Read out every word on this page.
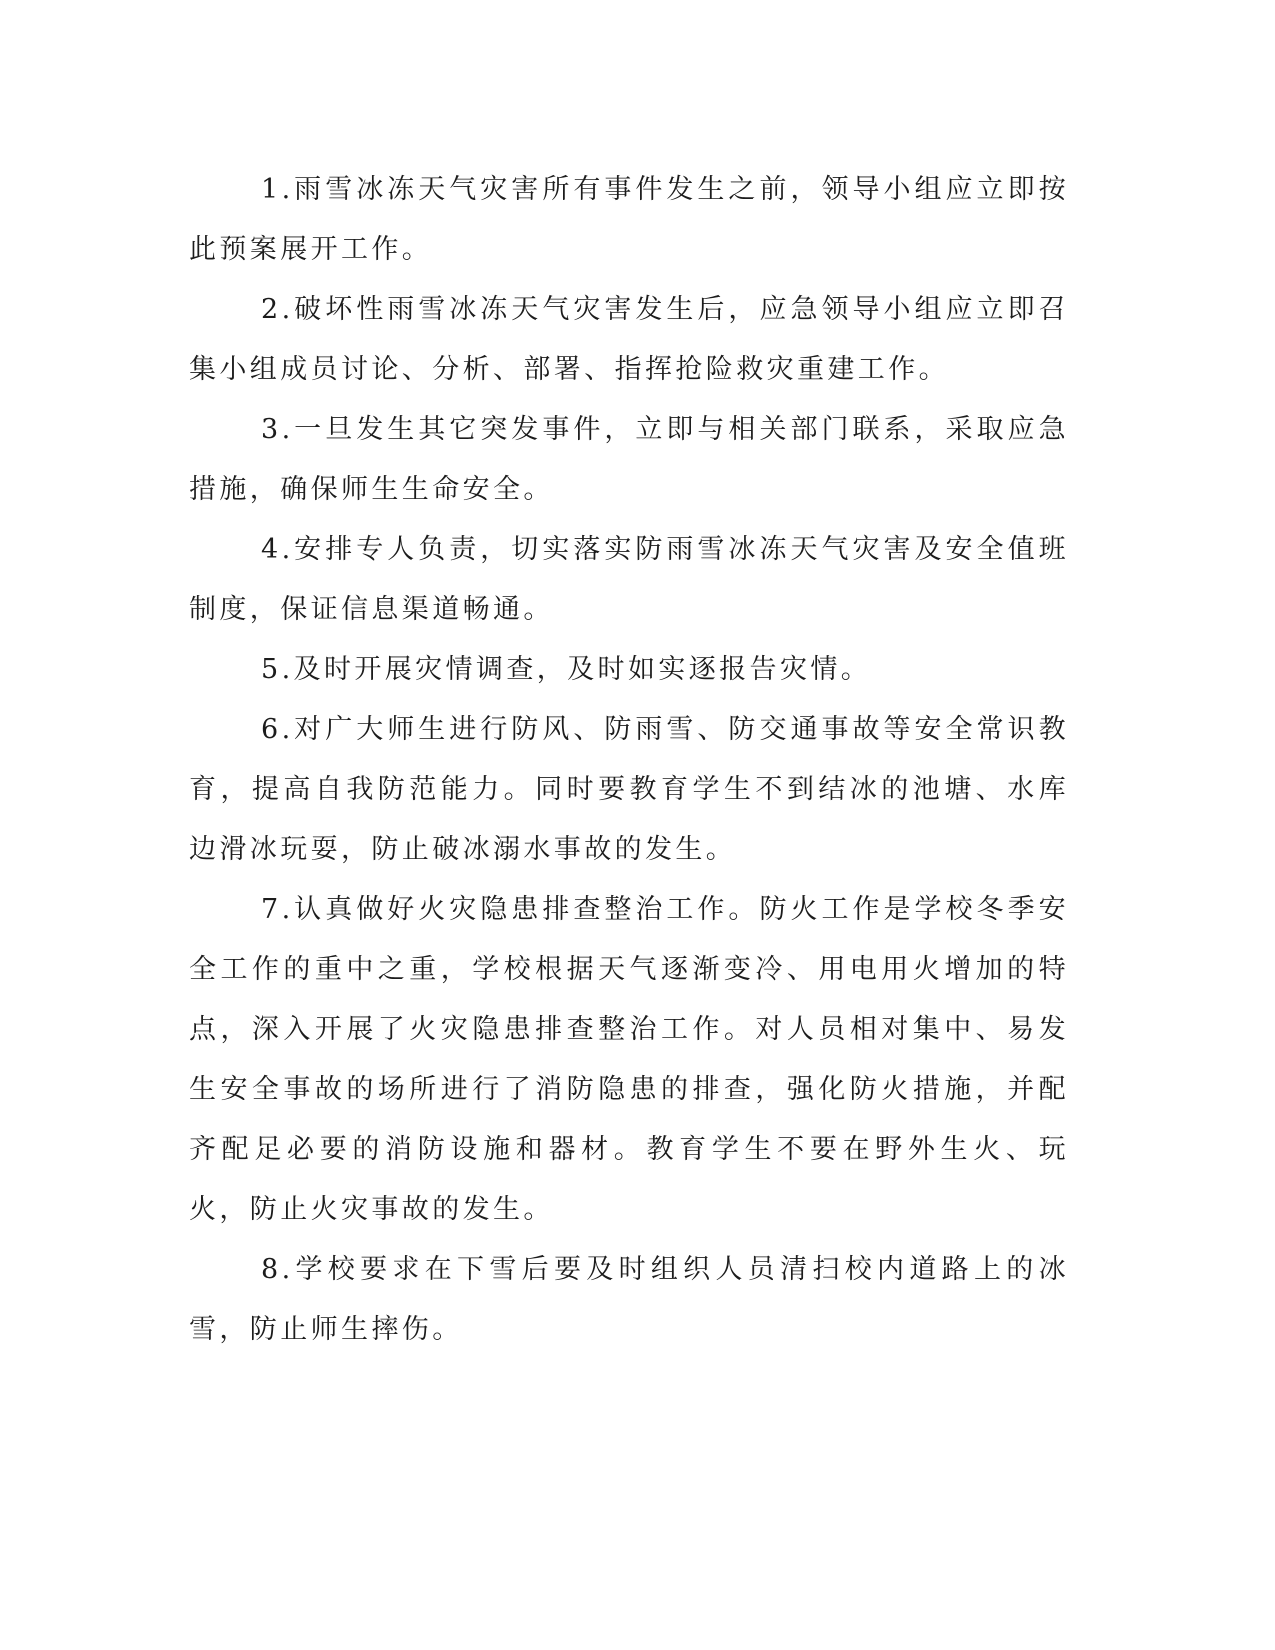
1.雨雪冰冻天气灾害所有事件发生之前，领导小组应立即按此预案展开工作。

2.破坏性雨雪冰冻天气灾害发生后，应急领导小组应立即召集小组成员讨论、分析、部署、指挥抢险救灾重建工作。

3.一旦发生其它突发事件，立即与相关部门联系，采取应急措施，确保师生生命安全。

4.安排专人负责，切实落实防雨雪冰冻天气灾害及安全值班制度，保证信息渠道畅通。

5.及时开展灾情调查，及时如实逐报告灾情。

6.对广大师生进行防风、防雨雪、防交通事故等安全常识教育，提高自我防范能力。同时要教育学生不到结冰的池塘、水库边滑冰玩耍，防止破冰溺水事故的发生。

7.认真做好火灾隐患排查整治工作。防火工作是学校冬季安全工作的重中之重，学校根据天气逐渐变冷、用电用火增加的特点，深入开展了火灾隐患排查整治工作。对人员相对集中、易发生安全事故的场所进行了消防隐患的排查，强化防火措施，并配齐配足必要的消防设施和器材。教育学生不要在野外生火、玩火，防止火灾事故的发生。

8.学校要求在下雪后要及时组织人员清扫校内道路上的冰雪，防止师生摔伤。
